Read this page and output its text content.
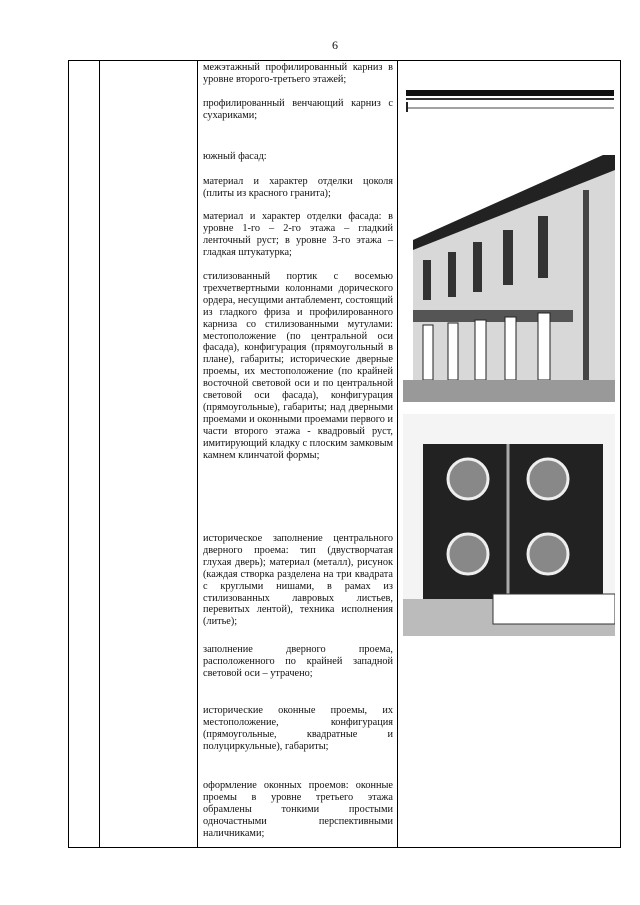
6

межэтажный профилированный карниз в уровне второго-третьего этажей;

профилированный венчающий карниз с сухариками;

южный фасад:

материал и характер отделки цоколя (плиты из красного гранита);

материал и характер отделки фасада: в уровне 1-го – 2-го этажа – гладкий ленточный руст; в уровне 3-го этажа – гладкая штукатурка;

стилизованный портик с восемью трехчетвертными колоннами дорического ордера, несущими антаблемент, состоящий из гладкого фриза и профилированного карниза со стилизованными мутулами: местоположение (по центральной оси фасада), конфигурация (прямоугольный в плане), габариты; исторические дверные проемы, их местоположение (по крайней восточной световой оси и по центральной световой оси фасада), конфигурация (прямоугольные), габариты; над дверными проемами и оконными проемами первого и части второго этажа - квадровый руст, имитирующий кладку с плоским замковым камнем клинчатой формы;

историческое заполнение центрального дверного проема: тип (двустворчатая глухая дверь); материал (металл), рисунок (каждая створка разделена на три квадрата с круглыми нишами, в рамах из стилизованных лавровых листьев, перевитых лентой), техника исполнения (литье);

заполнение дверного проема, расположенного по крайней западной световой оси – утрачено;

исторические оконные проемы, их местоположение, конфигурация (прямоугольные, квадратные и полуциркульные), габариты;

оформление оконных проемов: оконные проемы в уровне третьего этажа обрамлены тонкими простыми одночастными перспективными наличниками;
